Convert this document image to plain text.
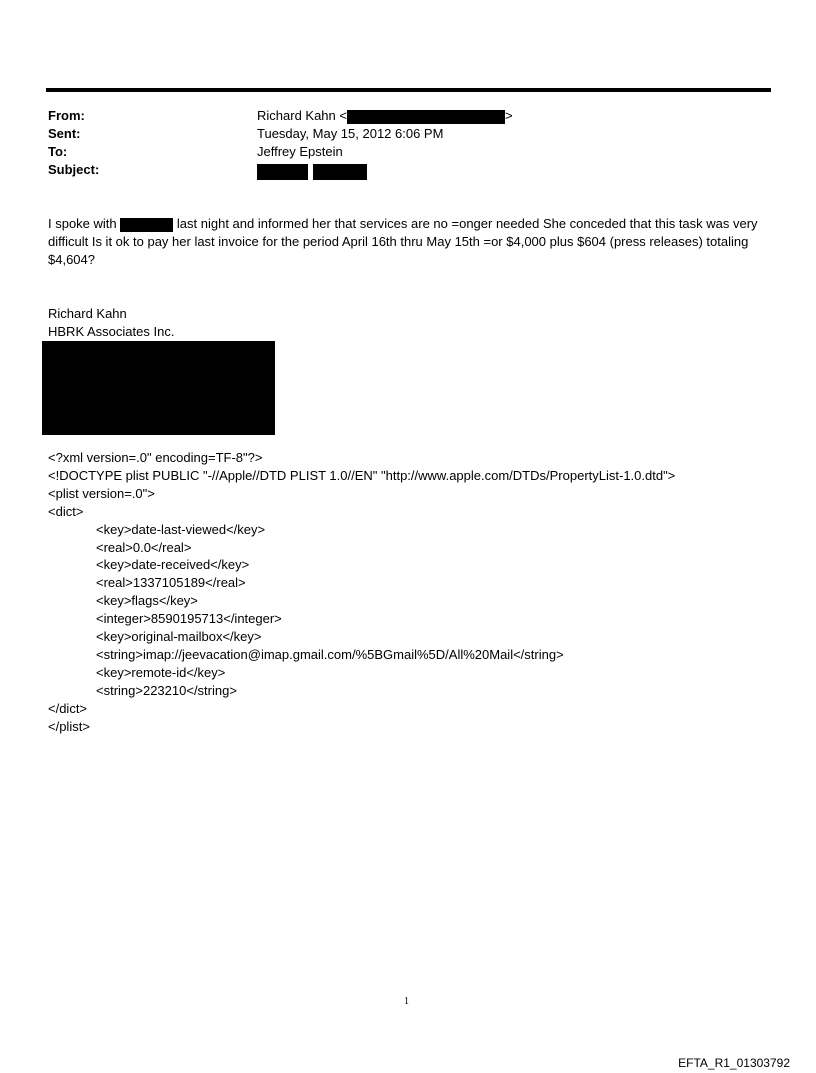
From:	Richard Kahn <	>
Sent:	Tuesday, May 15, 2012 6:06 PM
To:	Jeffrey Epstein
Subject:

I spoke with	last night and informed her that services are no =onger needed She conceded that this task was very difficult Is it ok to pay her last invoice for the period April 16th thru May 15th =or $4,000 plus $604 (press releases) totaling $4,604?
Richard Kahn
HBRK Associates Inc.
<?xml version=.0" encoding=TF-8"?>
<!DOCTYPE plist PUBLIC "-//Apple//DTD PLIST 1.0//EN" "http://www.apple.com/DTDs/PropertyList-1.0.dtd">
<plist version=.0">
<dict>
<key>date-last-viewed</key>
<real>0.0</real>
<key>date-received</key>
<real>1337105189</real>
<key>flags</key>
<integer>8590195713</integer>
<key>original-mailbox</key>
<string>imap://jeevacation@imap.gmail.com/%5BGmail%5D/All%20Mail</string>
<key>remote-id</key>
<string>223210</string>
</dict>
</plist>
1
EFTA_R1_01303792
